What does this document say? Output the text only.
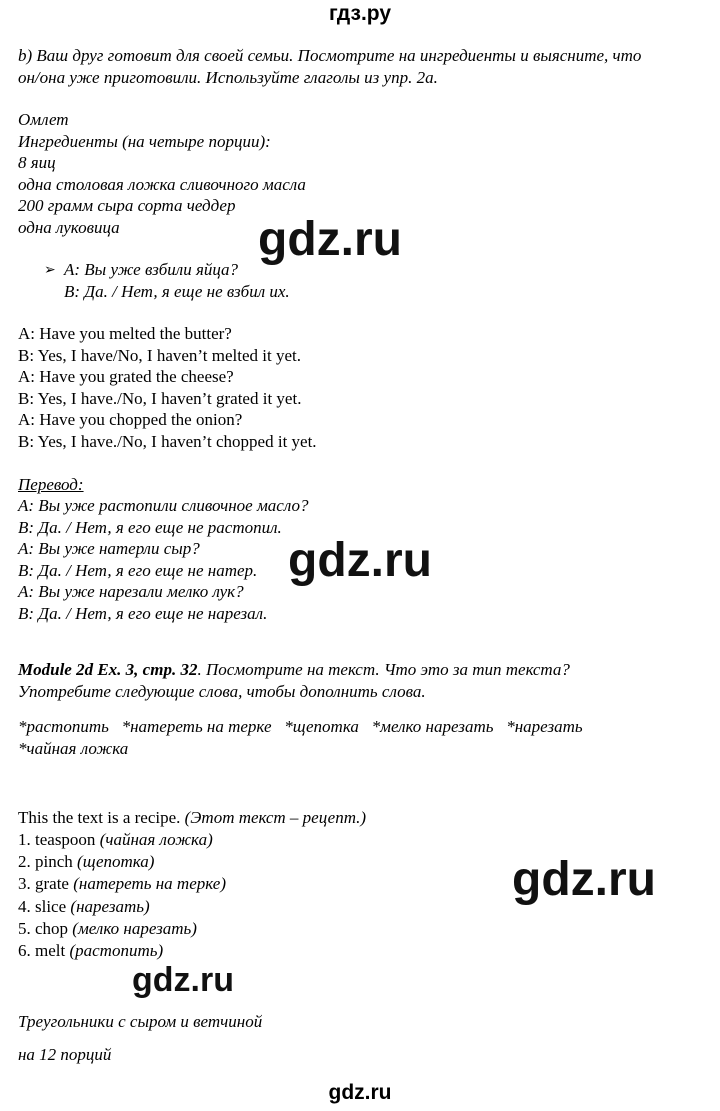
гдз.ру
b) Ваш друг готовит для своей семьи. Посмотрите на ингредиенты и выясните, что
он/она уже приготовили. Используйте глаголы из упр. 2а.
Омлет
Ингредиенты (на четыре порции):
8 яиц
одна столовая ложка сливочного масла
200 грамм сыра сорта чеддер
одна луковица
➢ A: Вы уже взбили яйца?
B: Да. / Нет, я еще не взбил их.
A: Have you melted the butter?
B: Yes, I have/No, I haven’t melted it yet.
A: Have you grated the cheese?
B: Yes, I have./No, I haven’t grated it yet.
A: Have you chopped the onion?
B: Yes, I have./No, I haven’t chopped it yet.
Перевод:
A: Вы уже растопили сливочное масло?
B: Да. / Нет, я его еще не растопил.
A: Вы уже натерли сыр?
B: Да. / Нет, я его еще не натер.
A: Вы уже нарезали мелко лук?
B: Да. / Нет, я его еще не нарезал.
Module 2d Ex. 3, стр. 32. Посмотрите на текст. Что это за тип текста?
Употребите следующие слова, чтобы дополнить слова.
*растопить   *натереть на терке   *щепотка   *мелко нарезать   *нарезать
*чайная ложка
This the text is a recipe. (Этот текст – рецепт.)
1. teaspoon (чайная ложка)
2. pinch (щепотка)
3. grate (натереть на терке)
4. slice (нарезать)
5. chop (мелко нарезать)
6. melt (растопить)
Треугольники с сыром и ветчиной
на 12 порций
gdz.ru
gdz.ru
gdz.ru
gdz.ru
gdz.ru
